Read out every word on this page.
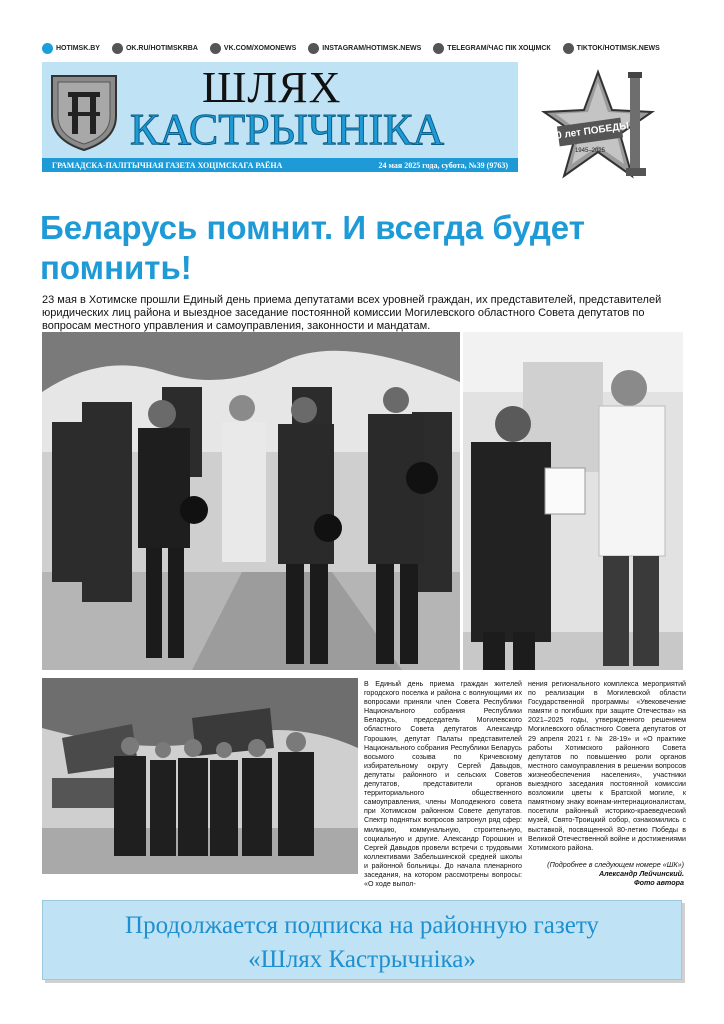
HOTIMSK.BY	OK.RU/HOTIMSKRBA	VK.COM/XOMONEWS	INSTAGRAM/HOTIMSK.NEWS	TELEGRAM/ЧАС ПІК ХОЦІМСК	TIKTOK/HOTIMSK.NEWS
ШЛЯХ
КАСТРЫЧНІКА
ГРАМАДСКА-ПАЛІТЫЧНАЯ ГАЗЕТА ХОЦІМСКАГА РАЁНА	24 мая 2025 года, субота, №39 (9763)
80 лет ПОБЕДЫ
1945–2025
Беларусь помнит. И всегда будет помнить!

23 мая в Хотимске прошли Единый день приема депутатами всех уровней граждан, их представителей, представителей юридических лиц района и выездное заседание постоянной комиссии Могилевского областного Совета депутатов по вопросам местного управления и самоуправления, законности и мандатам.

В Единый день приема граждан жителей городского поселка и района с волнующими их вопросами приняли член Совета Республики Национального собрания Республики Беларусь, председатель Могилевского областного Совета депутатов Александр Горошкин, депутат Палаты представителей Национального собрания Республики Беларусь восьмого созыва по Кричевскому избирательному округу Сергей Давыдов, депутаты районного и сельских Советов депутатов, представители органов территориального общественного самоуправления, члены Молодежного совета при Хотимском районном Совете депутатов. Спектр поднятых вопросов затронул ряд сфер: милицию, коммунальную, строительную, социальную и другие. Александр Горошкин и Сергей Давыдов провели встречи с трудовыми коллективами Забельшинской средней школы и районной больницы. До начала пленарного заседания, на котором рассмотрены вопросы: «О ходе выпол-
нения регионального комплекса мероприятий по реализации в Могилевской области Государственной программы «Увековечение памяти о погибших при защите Отечества» на 2021–2025 годы, утвержденного решением Могилевского областного Совета депутатов от 29 апреля 2021 г. № 28-19» и «О практике работы Хотимского районного Совета депутатов по повышению роли органов местного самоуправления в решении вопросов жизнеобеспечения населения», участники выездного заседания постоянной комиссии возложили цветы к Братской могиле, к памятному знаку воинам-интернационалистам, посетили районный историко-краеведческий музей, Свято-Троицкий собор, ознакомились с выставкой, посвященной 80-летию Победы в Великой Отечественной войне и достижениями Хотимского района.
(Подробнее в следующем номере «ШК»)
Александр Лейчинский.
Фото автора
Продолжается подписка на районную газету
«Шлях Кастрычніка»
